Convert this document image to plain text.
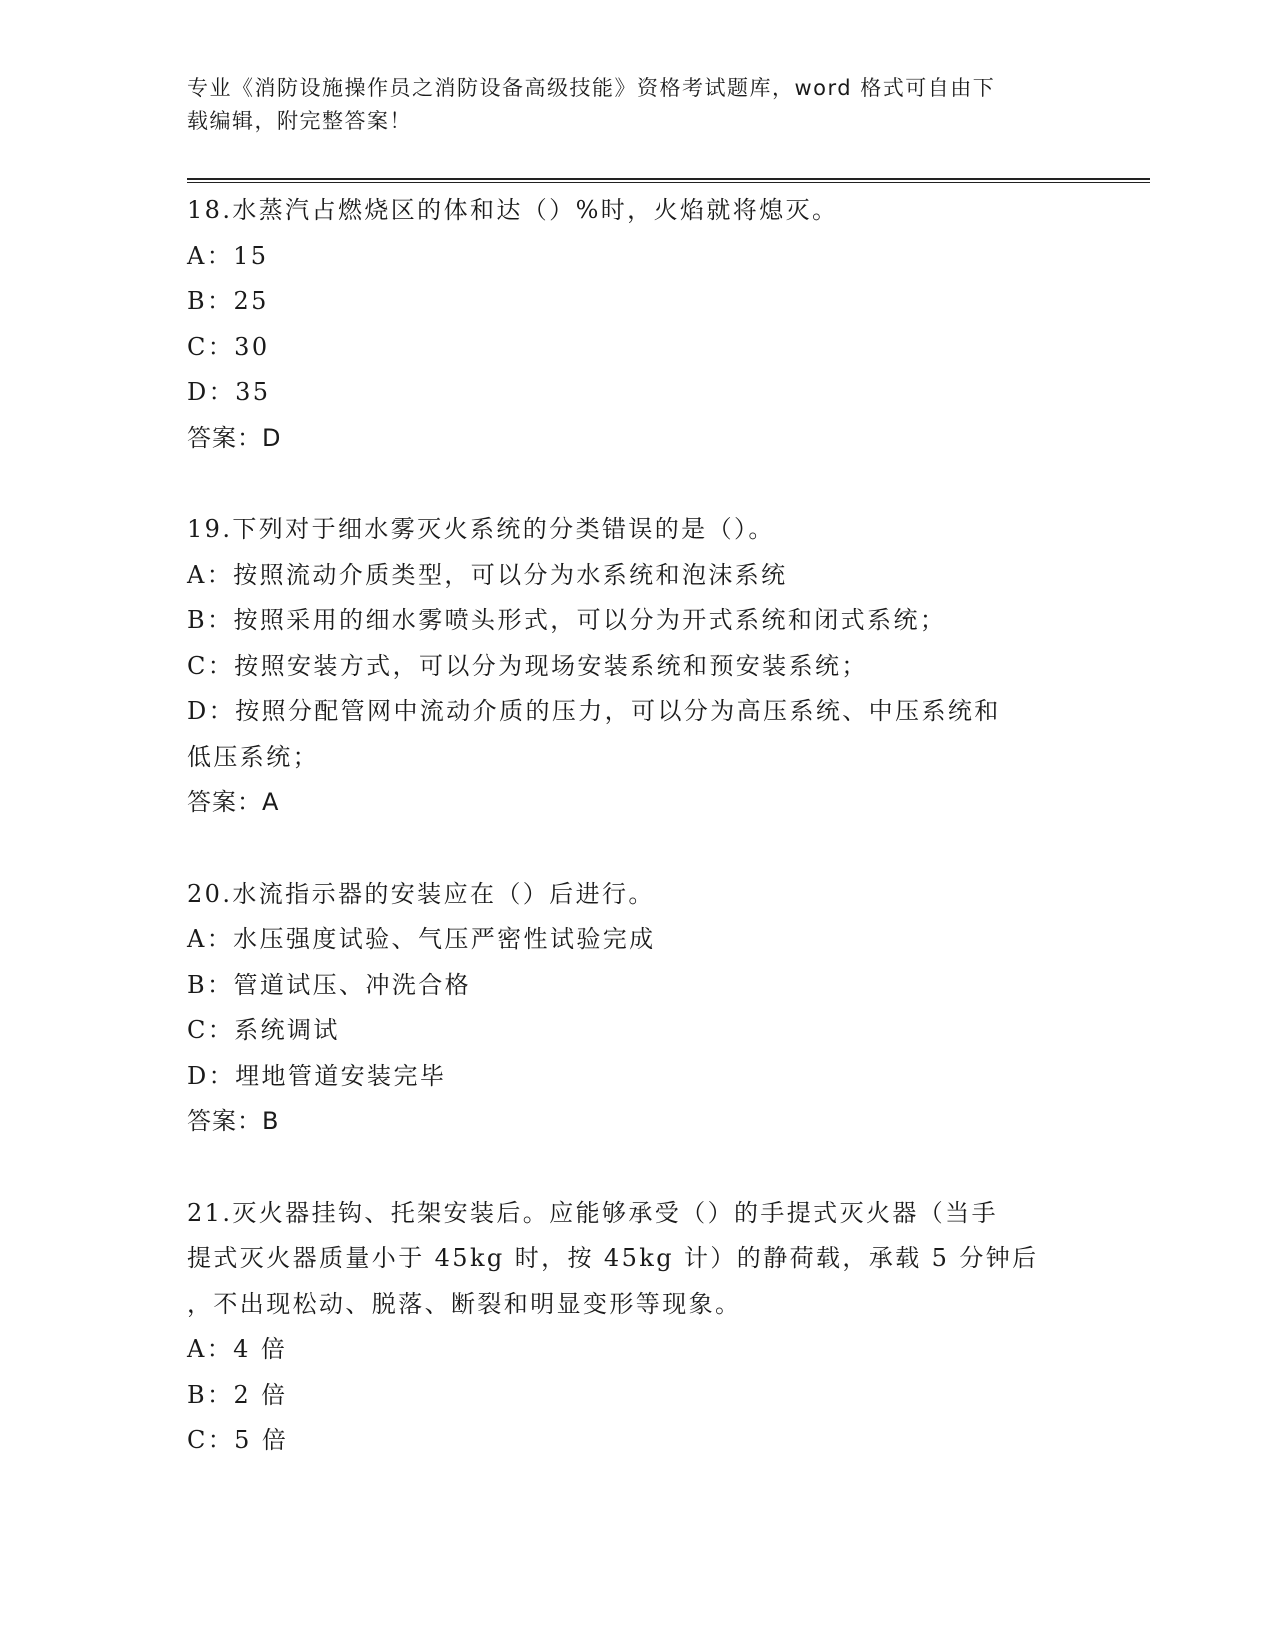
专业《消防设施操作员之消防设备高级技能》资格考试题库，word 格式可自由下
载编辑，附完整答案！
18.水蒸汽占燃烧区的体和达（）%时，火焰就将熄灭。
A：15
B：25
C：30
D：35
答案：D
19.下列对于细水雾灭火系统的分类错误的是（）。
A：按照流动介质类型，可以分为水系统和泡沫系统
B：按照采用的细水雾喷头形式，可以分为开式系统和闭式系统；
C：按照安装方式，可以分为现场安装系统和预安装系统；
D：按照分配管网中流动介质的压力，可以分为高压系统、中压系统和
低压系统；
答案：A
20.水流指示器的安装应在（）后进行。
A：水压强度试验、气压严密性试验完成
B：管道试压、冲洗合格
C：系统调试
D：埋地管道安装完毕
答案：B
21.灭火器挂钩、托架安装后。应能够承受（）的手提式灭火器（当手
提式灭火器质量小于 45kg 时，按 45kg 计）的静荷载，承载 5 分钟后
，不出现松动、脱落、断裂和明显变形等现象。
A：4 倍
B：2 倍
C：5 倍
